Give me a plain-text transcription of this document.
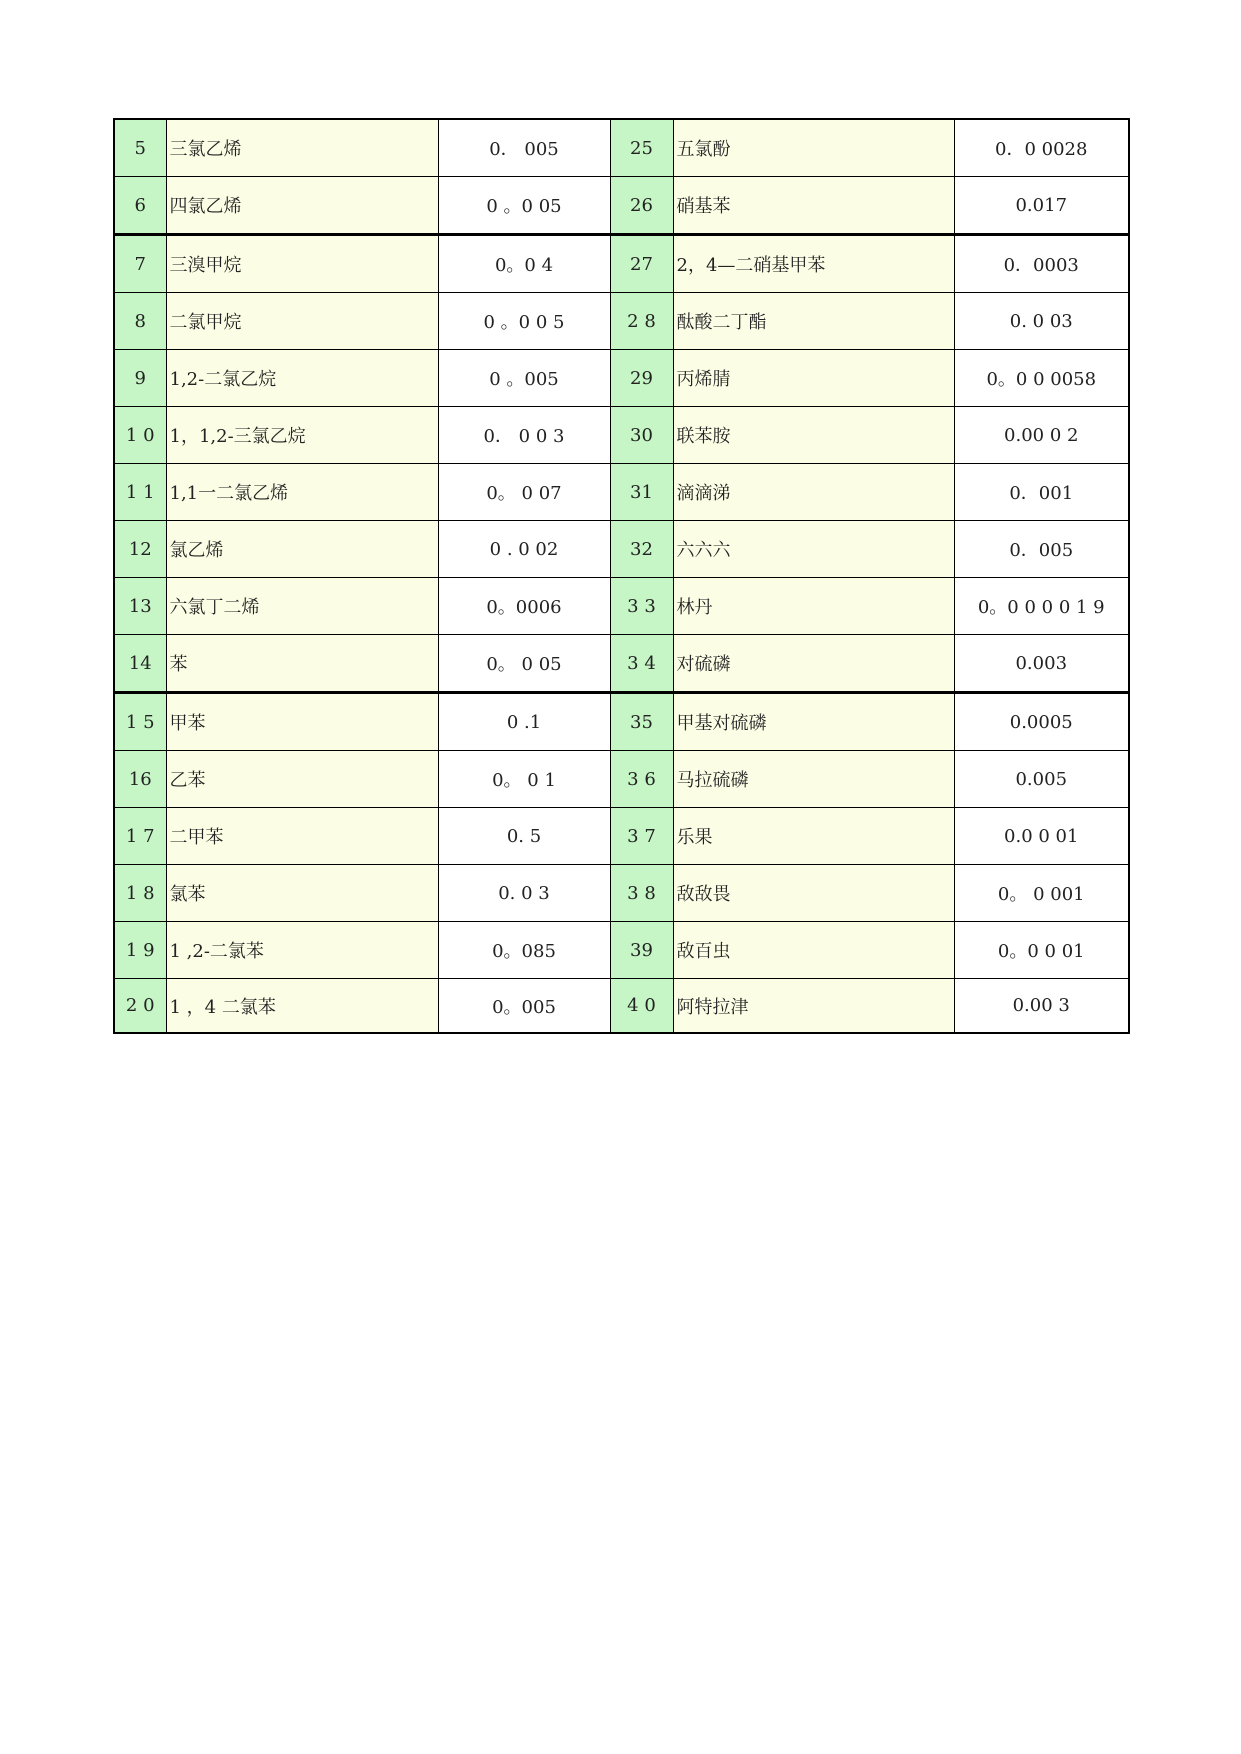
5	三氯乙烯	0． 005	25	五氯酚	0．0 0028
6	四氯乙烯	0 。0 05	26	硝基苯	0.017
7	三溴甲烷	0。0 4	27	2，4—二硝基甲苯	0．0003
8	二氯甲烷	0 。0 0 5	2 8	酞酸二丁酯	0. 0 03
9	1,2-二氯乙烷	0 。005	29	丙烯腈	0。0 0 0058
1 0	1，1,2-三氯乙烷	0． 0 0 3	30	联苯胺	0.00 0 2
1 1	1,1一二氯乙烯	0。 0 07	31	滴滴涕	0．001
12	氯乙烯	0 . 0 02	32	六六六	0．005
13	六氯丁二烯	0。0006	3 3	林丹	0。0 0 0 0 1 9
14	苯	0。 0 05	3 4	对硫磷	0.003
1 5	甲苯	0 .1	35	甲基对硫磷	0.0005
16	乙苯	0。 0 1	3 6	马拉硫磷	0.005
1 7	二甲苯	0. 5	3 7	乐果	0.0 0 01
1 8	氯苯	0. 0 3	3 8	敌敌畏	0。 0 001
1 9	1 ,2-二氯苯	0。085	39	敌百虫	0。0 0 01
2 0	1 ，4 二氯苯	0。005	4 0	阿特拉津	0.00 3
